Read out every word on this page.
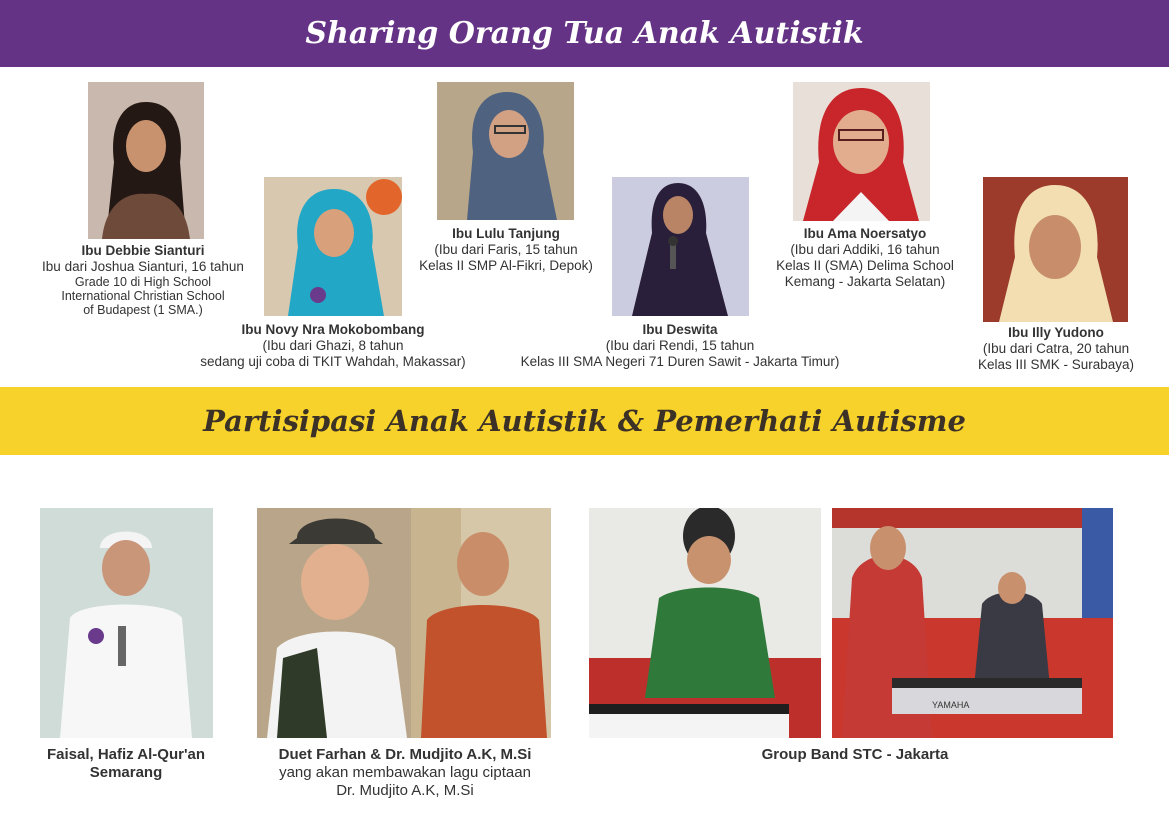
Sharing Orang Tua Anak Autistik
Ibu Debbie Sianturi
Ibu dari Joshua Sianturi, 16 tahun
Grade 10 di High School
International Christian School
of Budapest (1 SMA.)
Ibu Novy Nra Mokobombang
(Ibu dari Ghazi, 8 tahun
sedang uji coba di TKIT Wahdah, Makassar)
Ibu Lulu Tanjung
(Ibu dari Faris, 15 tahun
Kelas II SMP Al-Fikri, Depok)
Ibu Deswita
(Ibu dari Rendi, 15 tahun
Kelas III SMA Negeri 71 Duren Sawit - Jakarta Timur)
Ibu Ama Noersatyo
(Ibu dari Addiki, 16 tahun
Kelas II (SMA) Delima School
Kemang - Jakarta Selatan)
Ibu Illy Yudono
(Ibu dari Catra, 20 tahun
Kelas III SMK - Surabaya)
Partisipasi Anak Autistik & Pemerhati Autisme
YAMAHA
Faisal, Hafiz Al-Qur'an
Semarang
Duet Farhan & Dr. Mudjito A.K, M.Si
yang akan membawakan lagu ciptaan
Dr. Mudjito A.K, M.Si
Group Band STC - Jakarta
